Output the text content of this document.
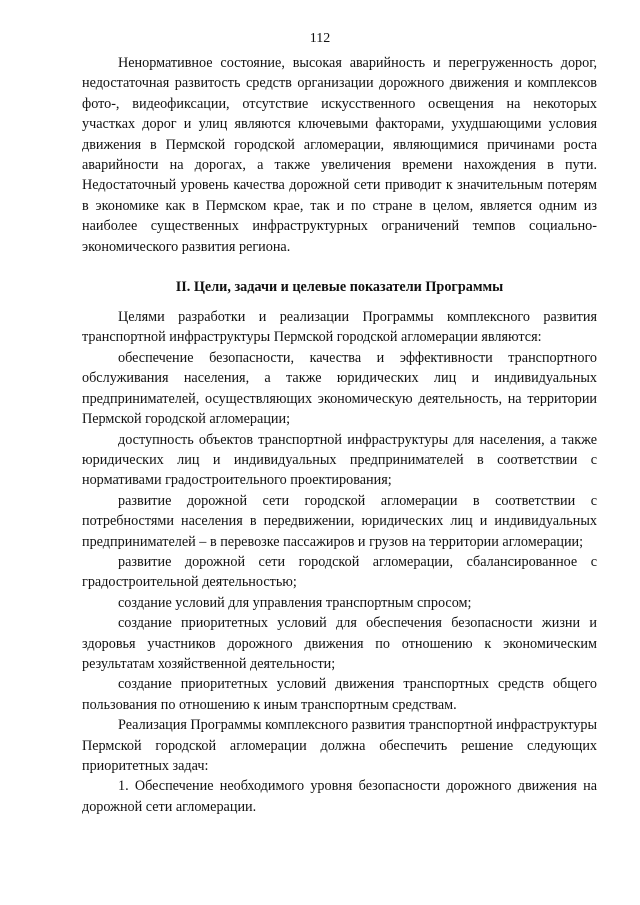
112

Ненормативное состояние, высокая аварийность и перегруженность дорог, недостаточная развитость средств организации дорожного движения и комплексов фото-, видеофиксации, отсутствие искусственного освещения на некоторых участках дорог и улиц являются ключевыми факторами, ухудшающими условия движения в Пермской городской агломерации, являющимися причинами роста аварийности на дорогах, а также увеличения времени нахождения в пути. Недостаточный уровень качества дорожной сети приводит к значительным потерям в экономике как в Пермском крае, так и по стране в целом, является одним из наиболее существенных инфраструктурных ограничений темпов социально-экономического развития региона.

II. Цели, задачи и целевые показатели Программы

Целями разработки и реализации Программы комплексного развития транспортной инфраструктуры Пермской городской агломерации являются:

обеспечение безопасности, качества и эффективности транспортного обслуживания населения, а также юридических лиц и индивидуальных предпринимателей, осуществляющих экономическую деятельность, на территории Пермской городской агломерации;

доступность объектов транспортной инфраструктуры для населения, а также юридических лиц и индивидуальных предпринимателей в соответствии с нормативами градостроительного проектирования;

развитие дорожной сети городской агломерации в соответствии с потребностями населения в передвижении, юридических лиц и индивидуальных предпринимателей – в перевозке пассажиров и грузов на территории агломерации;

развитие дорожной сети городской агломерации, сбалансированное с градостроительной деятельностью;

создание условий для управления транспортным спросом;

создание приоритетных условий для обеспечения безопасности жизни и здоровья участников дорожного движения по отношению к экономическим результатам хозяйственной деятельности;

создание приоритетных условий движения транспортных средств общего пользования по отношению к иным транспортным средствам.

Реализация Программы комплексного развития транспортной инфраструктуры Пермской городской агломерации должна обеспечить решение следующих приоритетных задач:

1. Обеспечение необходимого уровня безопасности дорожного движения на дорожной сети агломерации.
